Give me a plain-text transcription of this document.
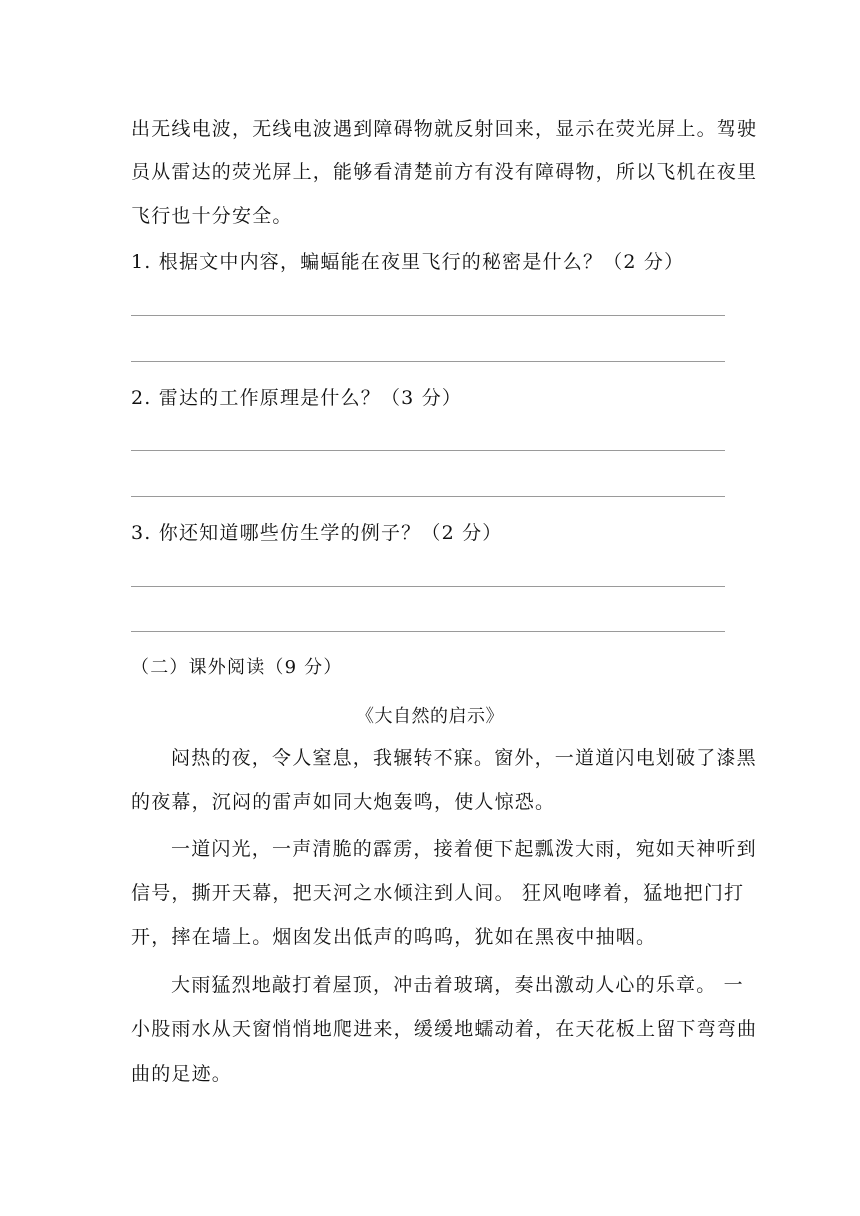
出无线电波，无线电波遇到障碍物就反射回来，显示在荧光屏上。驾驶
员从雷达的荧光屏上，能够看清楚前方有没有障碍物，所以飞机在夜里
飞行也十分安全。
1. 根据文中内容，蝙蝠能在夜里飞行的秘密是什么？（2 分）
2. 雷达的工作原理是什么？（3 分）
3. 你还知道哪些仿生学的例子？（2 分）
（二）课外阅读（9 分）
《大自然的启示》
闷热的夜，令人窒息，我辗转不寐。窗外，一道道闪电划破了漆黑
的夜幕，沉闷的雷声如同大炮轰鸣，使人惊恐。
一道闪光，一声清脆的霹雳，接着便下起瓢泼大雨，宛如天神听到
信号，撕开天幕，把天河之水倾注到人间。 狂风咆哮着，猛地把门打
开，摔在墙上。烟囱发出低声的呜呜，犹如在黑夜中抽咽。
大雨猛烈地敲打着屋顶，冲击着玻璃，奏出激动人心的乐章。 一
小股雨水从天窗悄悄地爬进来，缓缓地蠕动着，在天花板上留下弯弯曲
曲的足迹。
